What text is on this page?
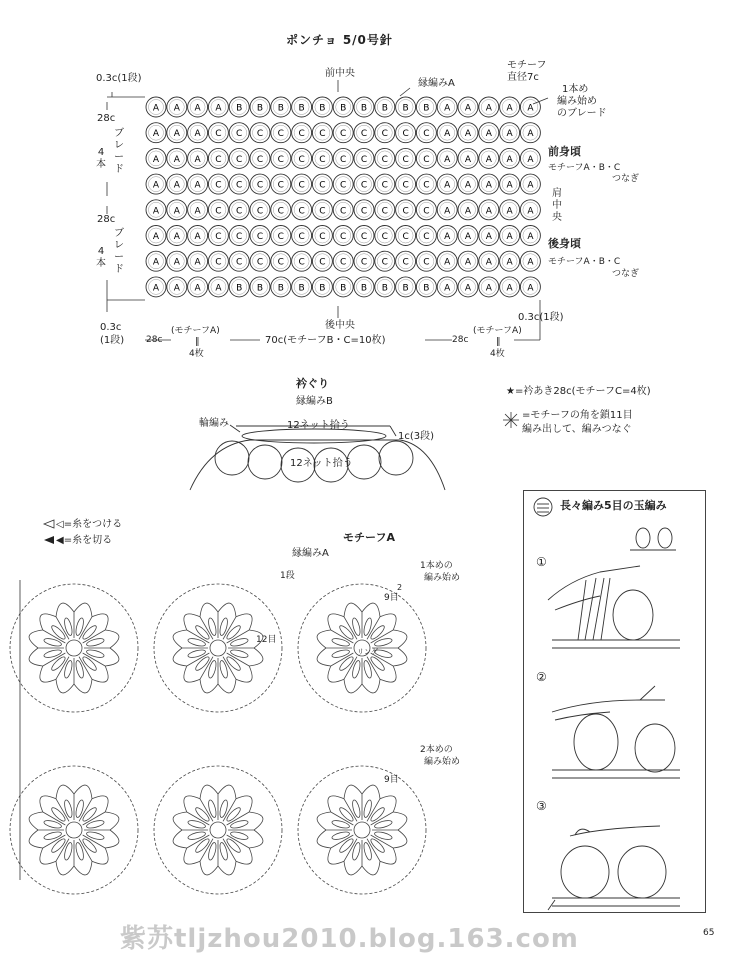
A A A A B B B B B B B B B B A A A A A
A A A C C C C C C C C C C C A A A A A
A A A C C C C C C C C C C C A A A A A
A A A C C C C C C C C C C C A A A A A
A A A C C C C C C C C C C C A A A A A
A A A C C C C C C C C C C C A A A A A
A A A C C C C C C C C C C C A A A A A
A A A A B B B B B B B B B B A A A A A
ポンチョ 5/0号針
0.3c(1段)
28c
ブレード
4本
28c
ブレード
4本
0.3c
(1段)
前中央
縁編みA
モチーフ
直径7c
1本め
編み始め
のブレード
前身頃
モチーフA・B・C
つなぎ
肩中央
後身頃
モチーフA・B・C
つなぎ
後中央
0.3c(1段)
28c
(モチーフA)
‖
4枚
70c(モチーフB・C=10枚)	28c
(モチーフA)
‖
4枚
衿ぐり
縁編みB
輪編み	12ネット拾う
12ネット拾う
1c(3段)
★=衿あき28c(モチーフC=4枚)
=モチーフの角を鎖11目
編み出して、編みつなぐ
◁=糸をつける
◀=糸を切る	モチーフA
縁編みA
1段
1本めの
編み始め
12目
9目
2
2本めの
編み始め
9目
リング
長々編み5目の玉編み
①
②
③
紫苏tljzhou2010.blog.163.com	65
